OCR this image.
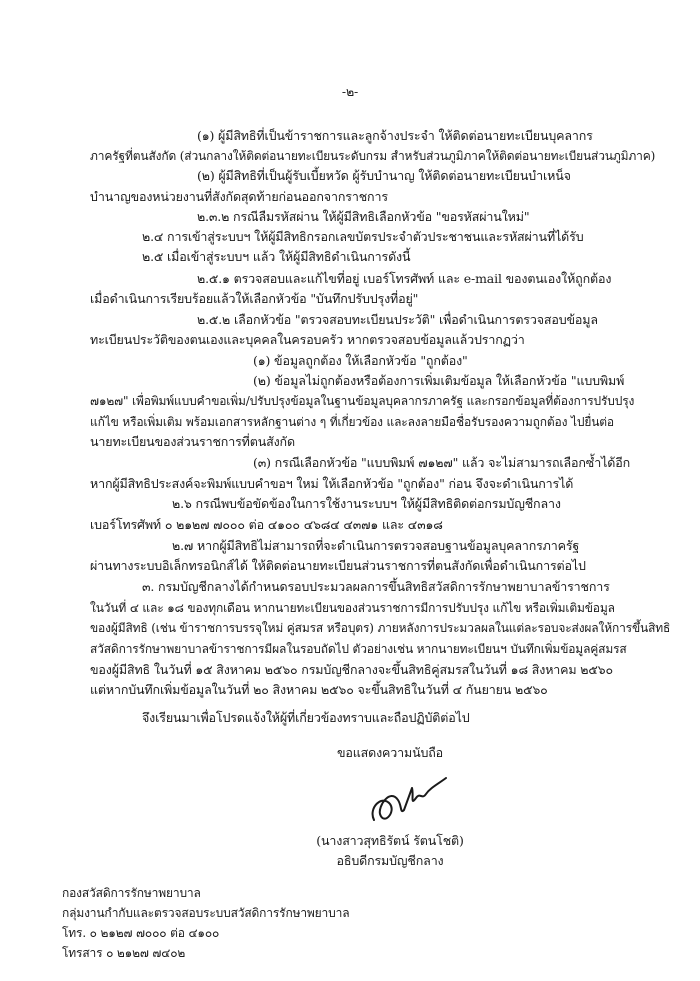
-๒-
(๑) ผู้มีสิทธิที่เป็นข้าราชการและลูกจ้างประจำ ให้ติดต่อนายทะเบียนบุคลากร
ภาครัฐที่ตนสังกัด (ส่วนกลางให้ติดต่อนายทะเบียนระดับกรม สำหรับส่วนภูมิภาคให้ติดต่อนายทะเบียนส่วนภูมิภาค)
(๒) ผู้มีสิทธิที่เป็นผู้รับเบี้ยหวัด ผู้รับบำนาญ ให้ติดต่อนายทะเบียนบำเหน็จ
บำนาญของหน่วยงานที่สังกัดสุดท้ายก่อนออกจากราชการ
๒.๓.๒ กรณีลืมรหัสผ่าน ให้ผู้มีสิทธิเลือกหัวข้อ "ขอรหัสผ่านใหม่"
๒.๔ การเข้าสู่ระบบฯ ให้ผู้มีสิทธิกรอกเลขบัตรประจำตัวประชาชนและรหัสผ่านที่ได้รับ
๒.๕ เมื่อเข้าสู่ระบบฯ แล้ว ให้ผู้มีสิทธิดำเนินการดังนี้
๒.๕.๑ ตรวจสอบและแก้ไขที่อยู่ เบอร์โทรศัพท์ และ e-mail ของตนเองให้ถูกต้อง
เมื่อดำเนินการเรียบร้อยแล้วให้เลือกหัวข้อ "บันทึกปรับปรุงที่อยู่"
๒.๕.๒ เลือกหัวข้อ "ตรวจสอบทะเบียนประวัติ" เพื่อดำเนินการตรวจสอบข้อมูล
ทะเบียนประวัติของตนเองและบุคคลในครอบครัว หากตรวจสอบข้อมูลแล้วปรากฏว่า
(๑) ข้อมูลถูกต้อง ให้เลือกหัวข้อ "ถูกต้อง"
(๒) ข้อมูลไม่ถูกต้องหรือต้องการเพิ่มเติมข้อมูล ให้เลือกหัวข้อ "แบบพิมพ์
๗๑๒๗" เพื่อพิมพ์แบบคำขอเพิ่ม/ปรับปรุงข้อมูลในฐานข้อมูลบุคลากรภาครัฐ และกรอกข้อมูลที่ต้องการปรับปรุง
แก้ไข หรือเพิ่มเติม พร้อมเอกสารหลักฐานต่าง ๆ ที่เกี่ยวข้อง และลงลายมือชื่อรับรองความถูกต้อง ไปยื่นต่อ
นายทะเบียนของส่วนราชการที่ตนสังกัด
(๓) กรณีเลือกหัวข้อ "แบบพิมพ์ ๗๑๒๗" แล้ว จะไม่สามารถเลือกซ้ำได้อีก
หากผู้มีสิทธิประสงค์จะพิมพ์แบบคำขอฯ ใหม่ ให้เลือกหัวข้อ "ถูกต้อง" ก่อน จึงจะดำเนินการได้
๒.๖ กรณีพบข้อขัดข้องในการใช้งานระบบฯ ให้ผู้มีสิทธิติดต่อกรมบัญชีกลาง
เบอร์โทรศัพท์ ๐ ๒๑๒๗ ๗๐๐๐ ต่อ ๔๑๐๐ ๔๖๘๔ ๔๓๗๑ และ ๔๓๑๘
๒.๗ หากผู้มีสิทธิไม่สามารถที่จะดำเนินการตรวจสอบฐานข้อมูลบุคลากรภาครัฐ
ผ่านทางระบบอิเล็กทรอนิกส์ได้ ให้ติดต่อนายทะเบียนส่วนราชการที่ตนสังกัดเพื่อดำเนินการต่อไป
๓. กรมบัญชีกลางได้กำหนดรอบประมวลผลการขึ้นสิทธิสวัสดิการรักษาพยาบาลข้าราชการ
ในวันที่ ๔ และ ๑๘ ของทุกเดือน หากนายทะเบียนของส่วนราชการมีการปรับปรุง แก้ไข หรือเพิ่มเติมข้อมูล
ของผู้มีสิทธิ (เช่น ข้าราชการบรรจุใหม่ คู่สมรส หรือบุตร) ภายหลังการประมวลผลในแต่ละรอบจะส่งผลให้การขึ้นสิทธิ
สวัสดิการรักษาพยาบาลข้าราชการมีผลในรอบถัดไป ตัวอย่างเช่น หากนายทะเบียนฯ บันทึกเพิ่มข้อมูลคู่สมรส
ของผู้มีสิทธิ ในวันที่ ๑๕ สิงหาคม ๒๕๖๐ กรมบัญชีกลางจะขึ้นสิทธิคู่สมรสในวันที่ ๑๘ สิงหาคม ๒๕๖๐
แต่หากบันทึกเพิ่มข้อมูลในวันที่ ๒๐ สิงหาคม ๒๕๖๐ จะขึ้นสิทธิในวันที่ ๔ กันยายน ๒๕๖๐
จึงเรียนมาเพื่อโปรดแจ้งให้ผู้ที่เกี่ยวข้องทราบและถือปฏิบัติต่อไป
ขอแสดงความนับถือ
(นางสาวสุทธิรัตน์ รัตนโชติ)
อธิบดีกรมบัญชีกลาง
กองสวัสดิการรักษาพยาบาล
กลุ่มงานกำกับและตรวจสอบระบบสวัสดิการรักษาพยาบาล
โทร. ๐ ๒๑๒๗ ๗๐๐๐ ต่อ ๔๑๐๐
โทรสาร ๐ ๒๑๒๗ ๗๔๐๒
